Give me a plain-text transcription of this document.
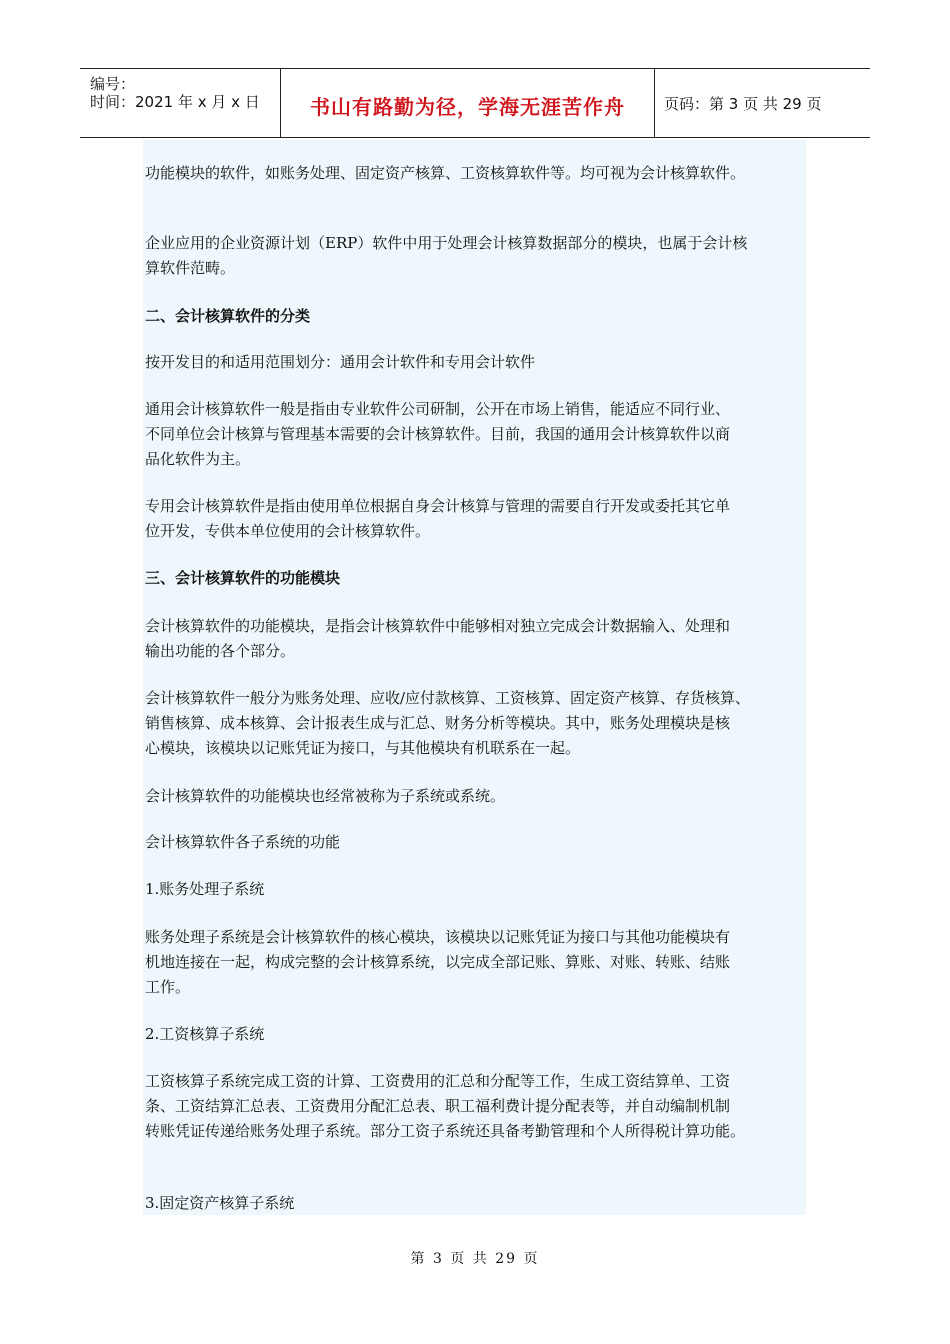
编号：
时间：2021 年 x 月 x 日	书山有路勤为径，学海无涯苦作舟	页码：第 3 页 共 29 页
功能模块的软件，如账务处理、固定资产核算、工资核算软件等。均可视为会计核算软件。
企业应用的企业资源计划（ERP）软件中用于处理会计核算数据部分的模块，也属于会计核
算软件范畴。
二、会计核算软件的分类
按开发目的和适用范围划分：通用会计软件和专用会计软件
通用会计核算软件一般是指由专业软件公司研制，公开在市场上销售，能适应不同行业、
不同单位会计核算与管理基本需要的会计核算软件。目前，我国的通用会计核算软件以商
品化软件为主。
专用会计核算软件是指由使用单位根据自身会计核算与管理的需要自行开发或委托其它单
位开发，专供本单位使用的会计核算软件。
三、会计核算软件的功能模块
会计核算软件的功能模块，是指会计核算软件中能够相对独立完成会计数据输入、处理和
输出功能的各个部分。
会计核算软件一般分为账务处理、应收/应付款核算、工资核算、固定资产核算、存货核算、
销售核算、成本核算、会计报表生成与汇总、财务分析等模块。其中，账务处理模块是核
心模块，该模块以记账凭证为接口，与其他模块有机联系在一起。
会计核算软件的功能模块也经常被称为子系统或系统。
会计核算软件各子系统的功能
1.账务处理子系统
账务处理子系统是会计核算软件的核心模块，该模块以记账凭证为接口与其他功能模块有
机地连接在一起，构成完整的会计核算系统，以完成全部记账、算账、对账、转账、结账
工作。
2.工资核算子系统
工资核算子系统完成工资的计算、工资费用的汇总和分配等工作，生成工资结算单、工资
条、工资结算汇总表、工资费用分配汇总表、职工福利费计提分配表等，并自动编制机制
转账凭证传递给账务处理子系统。部分工资子系统还具备考勤管理和个人所得税计算功能。
3.固定资产核算子系统
第 3 页 共 29 页
